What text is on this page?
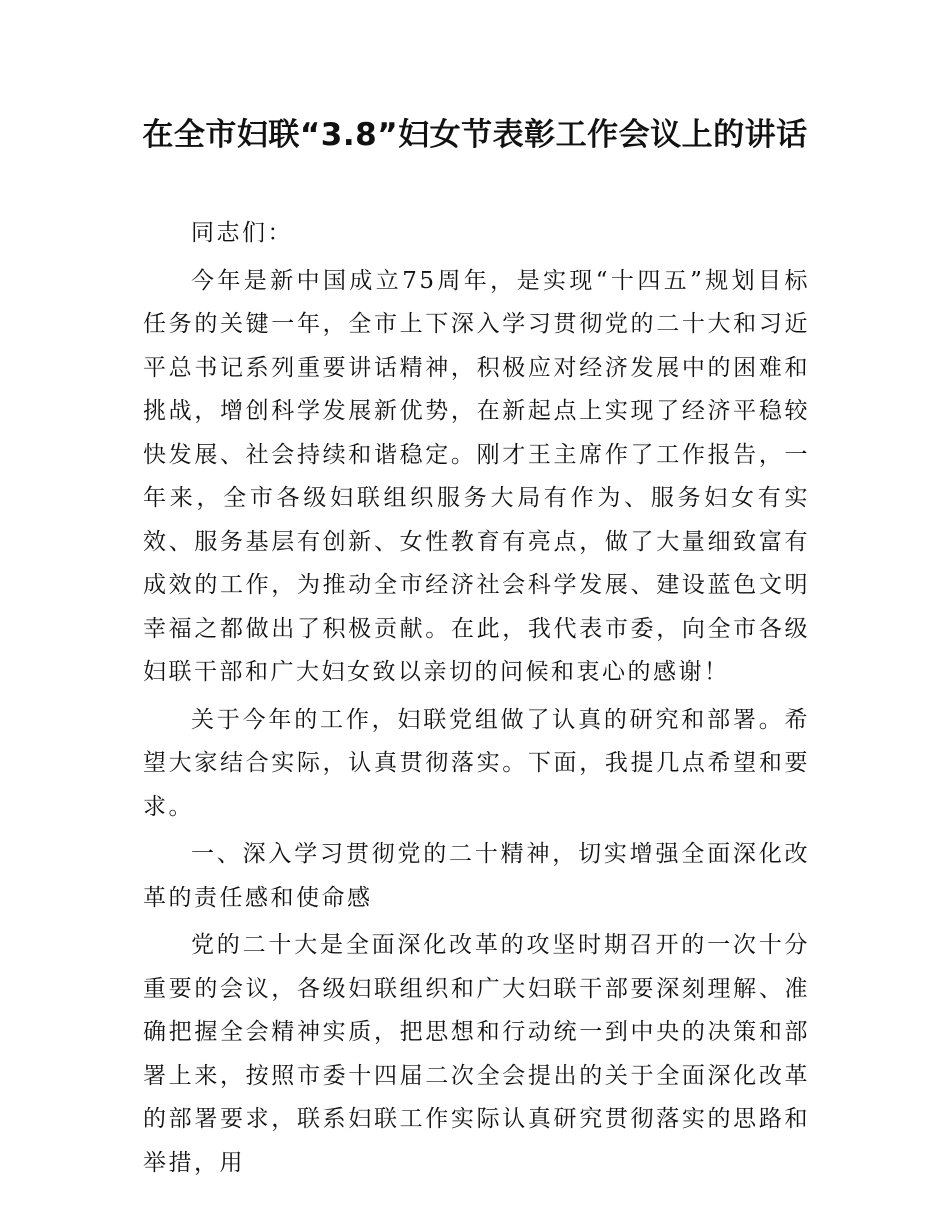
在全市妇联“3.8”妇女节表彰工作会议上的讲话

同志们：

今年是新中国成立75周年，是实现“十四五”规划目标任务的关键一年，全市上下深入学习贯彻党的二十大和习近平总书记系列重要讲话精神，积极应对经济发展中的困难和挑战，增创科学发展新优势，在新起点上实现了经济平稳较快发展、社会持续和谐稳定。刚才王主席作了工作报告，一年来，全市各级妇联组织服务大局有作为、服务妇女有实效、服务基层有创新、女性教育有亮点，做了大量细致富有成效的工作，为推动全市经济社会科学发展、建设蓝色文明幸福之都做出了积极贡献。在此，我代表市委，向全市各级妇联干部和广大妇女致以亲切的问候和衷心的感谢！

关于今年的工作，妇联党组做了认真的研究和部署。希望大家结合实际，认真贯彻落实。下面，我提几点希望和要求。

一、深入学习贯彻党的二十精神，切实增强全面深化改革的责任感和使命感

党的二十大是全面深化改革的攻坚时期召开的一次十分重要的会议，各级妇联组织和广大妇联干部要深刻理解、准确把握全会精神实质，把思想和行动统一到中央的决策和部署上来，按照市委十四届二次全会提出的关于全面深化改革的部署要求，联系妇联工作实际认真研究贯彻落实的思路和举措，用
